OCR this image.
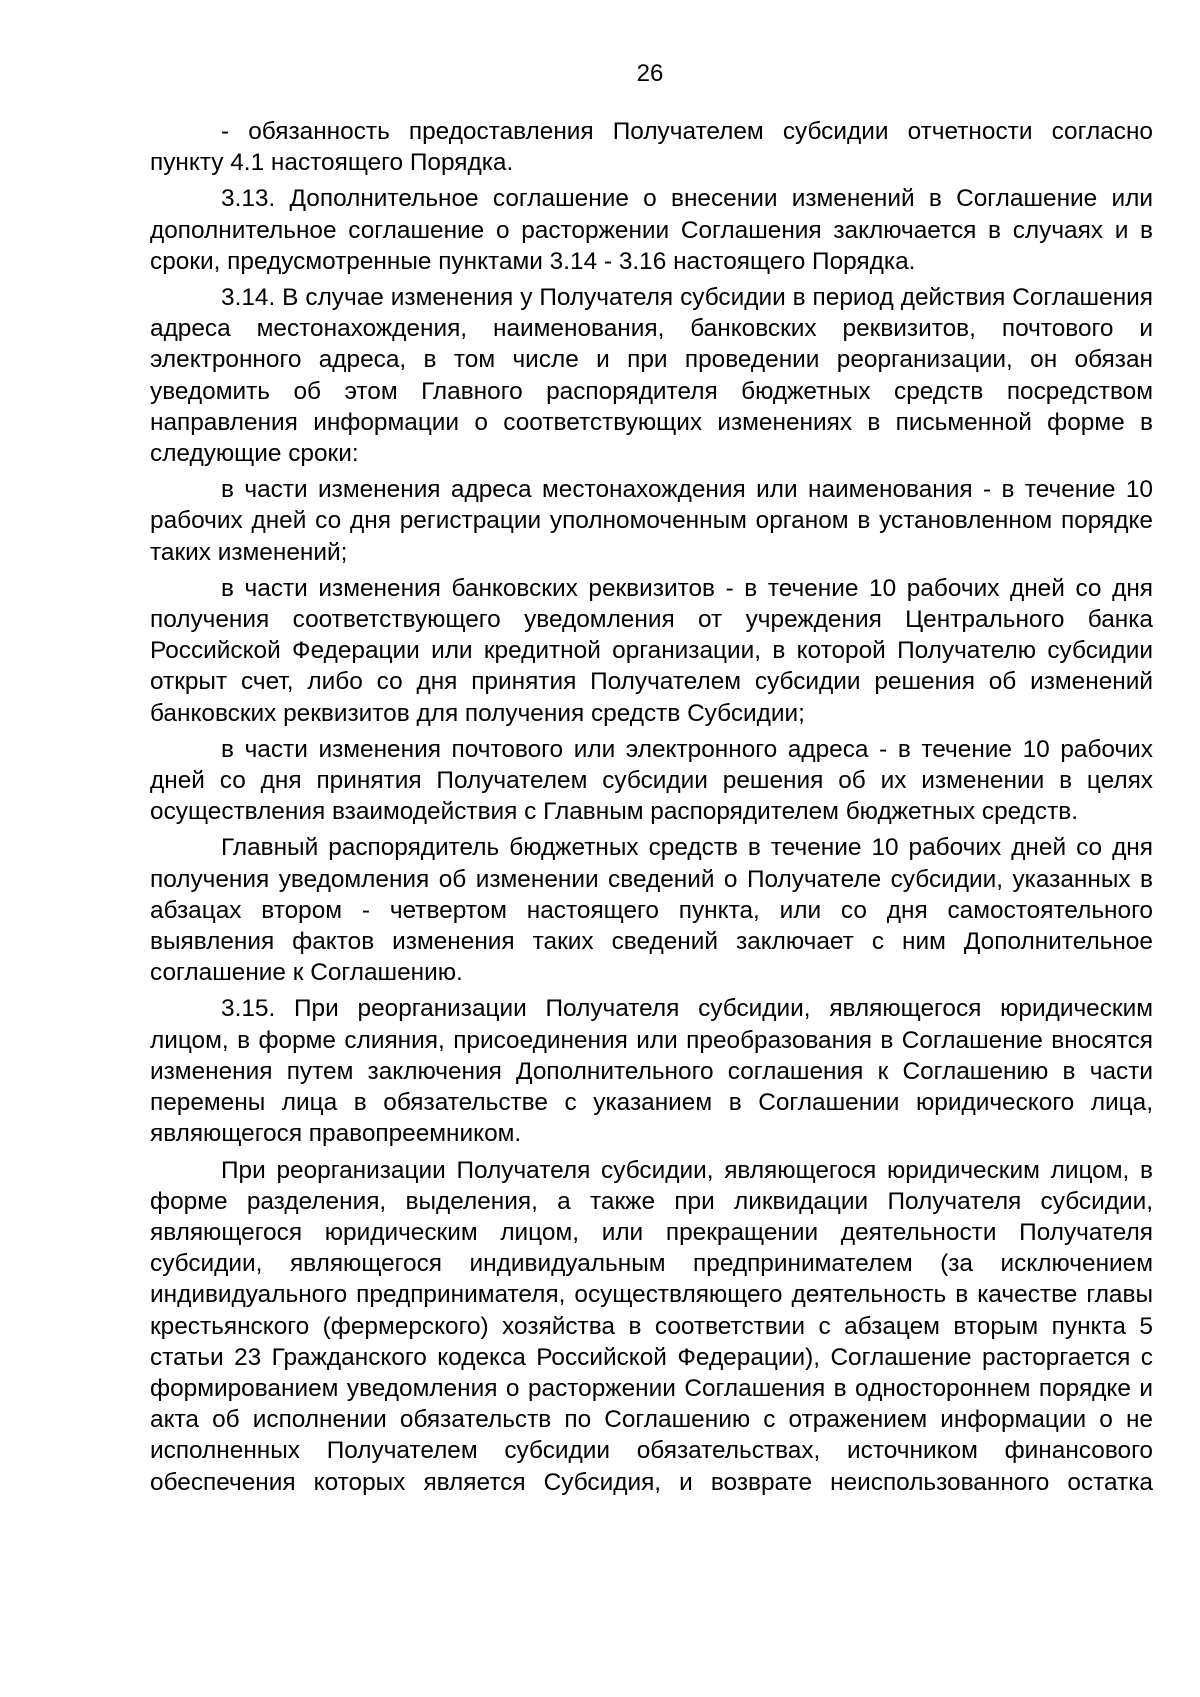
26

- обязанность предоставления Получателем субсидии отчетности согласно пункту 4.1 настоящего Порядка.

3.13. Дополнительное соглашение о внесении изменений в Соглашение или дополнительное соглашение о расторжении Соглашения заключается в случаях и в сроки, предусмотренные пунктами 3.14 - 3.16 настоящего Порядка.

3.14. В случае изменения у Получателя субсидии в период действия Соглашения адреса местонахождения, наименования, банковских реквизитов, почтового и электронного адреса, в том числе и при проведении реорганизации, он обязан уведомить об этом Главного распорядителя бюджетных средств посредством направления информации о соответствующих изменениях в письменной форме в следующие сроки:

в части изменения адреса местонахождения или наименования - в течение 10 рабочих дней со дня регистрации уполномоченным органом в установленном порядке таких изменений;

в части изменения банковских реквизитов - в течение 10 рабочих дней со дня получения соответствующего уведомления от учреждения Центрального банка Российской Федерации или кредитной организации, в которой Получателю субсидии открыт счет, либо со дня принятия Получателем субсидии решения об изменений банковских реквизитов для получения средств Субсидии;

в части изменения почтового или электронного адреса - в течение 10 рабочих дней со дня принятия Получателем субсидии решения об их изменении в целях осуществления взаимодействия с Главным распорядителем бюджетных средств.

Главный распорядитель бюджетных средств в течение 10 рабочих дней со дня получения уведомления об изменении сведений о Получателе субсидии, указанных в абзацах втором - четвертом настоящего пункта, или со дня самостоятельного выявления фактов изменения таких сведений заключает с ним Дополнительное соглашение к Соглашению.

3.15. При реорганизации Получателя субсидии, являющегося юридическим лицом, в форме слияния, присоединения или преобразования в Соглашение вносятся изменения путем заключения Дополнительного соглашения к Соглашению в части перемены лица в обязательстве с указанием в Соглашении юридического лица, являющегося правопреемником.

При реорганизации Получателя субсидии, являющегося юридическим лицом, в форме разделения, выделения, а также при ликвидации Получателя субсидии, являющегося юридическим лицом, или прекращении деятельности Получателя субсидии, являющегося индивидуальным предпринимателем (за исключением индивидуального предпринимателя, осуществляющего деятельность в качестве главы крестьянского (фермерского) хозяйства в соответствии с абзацем вторым пункта 5 статьи 23 Гражданского кодекса Российской Федерации), Соглашение расторгается с формированием уведомления о расторжении Соглашения в одностороннем порядке и акта об исполнении обязательств по Соглашению с отражением информации о не исполненных Получателем субсидии обязательствах, источником финансового обеспечения которых является Субсидия, и возврате неиспользованного остатка
